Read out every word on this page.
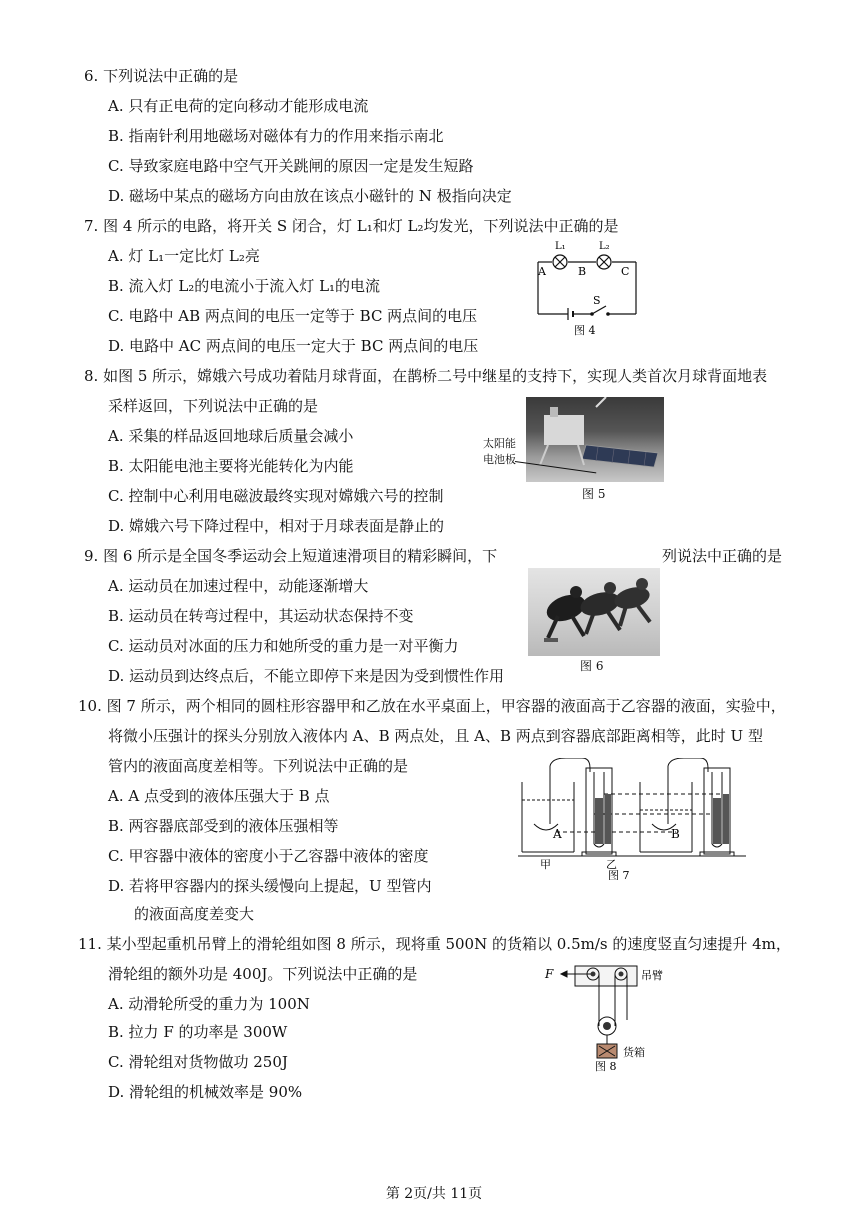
6. 下列说法中正确的是
A. 只有正电荷的定向移动才能形成电流
B. 指南针利用地磁场对磁体有力的作用来指示南北
C. 导致家庭电路中空气开关跳闸的原因一定是发生短路
D. 磁场中某点的磁场方向由放在该点小磁针的 N 极指向决定
7. 图 4 所示的电路，将开关 S 闭合，灯 L₁和灯 L₂均发光，下列说法中正确的是
A. 灯 L₁一定比灯 L₂亮
B. 流入灯 L₂的电流小于流入灯 L₁的电流
C. 电路中 AB 两点间的电压一定等于 BC 两点间的电压
D. 电路中 AC 两点间的电压一定大于 BC 两点间的电压
L₁	L₂
A	B	C
S
图 4
8. 如图 5 所示，嫦娥六号成功着陆月球背面，在鹊桥二号中继星的支持下，实现人类首次月球背面地表
采样返回，下列说法中正确的是
A. 采集的样品返回地球后质量会减小
B. 太阳能电池主要将光能转化为内能
C. 控制中心利用电磁波最终实现对嫦娥六号的控制
D. 嫦娥六号下降过程中，相对于月球表面是静止的
太阳能
电池板
图 5
9. 图 6 所示是全国冬季运动会上短道速滑项目的精彩瞬间，下	列说法中正确的是
A. 运动员在加速过程中，动能逐渐增大
B. 运动员在转弯过程中，其运动状态保持不变
C. 运动员对冰面的压力和她所受的重力是一对平衡力
D. 运动员到达终点后，不能立即停下来是因为受到惯性作用
图 6
10. 图 7 所示，两个相同的圆柱形容器甲和乙放在水平桌面上，甲容器的液面高于乙容器的液面，实验中，
将微小压强计的探头分别放入液体内 A、B 两点处，且 A、B 两点到容器底部距离相等，此时 U 型
管内的液面高度差相等。下列说法中正确的是
A. A 点受到的液体压强大于 B 点
B. 两容器底部受到的液体压强相等
C. 甲容器中液体的密度小于乙容器中液体的密度
D. 若将甲容器内的探头缓慢向上提起，U 型管内
的液面高度差变大
A	B
甲	乙
图 7
11. 某小型起重机吊臂上的滑轮组如图 8 所示，现将重 500N 的货箱以 0.5m/s 的速度竖直匀速提升 4m，
滑轮组的额外功是 400J。下列说法中正确的是
A. 动滑轮所受的重力为 100N
B. 拉力 F 的功率是 300W
C. 滑轮组对货物做功 250J
D. 滑轮组的机械效率是 90%
F	吊臂
货箱
图 8
第 2页/共 11页
